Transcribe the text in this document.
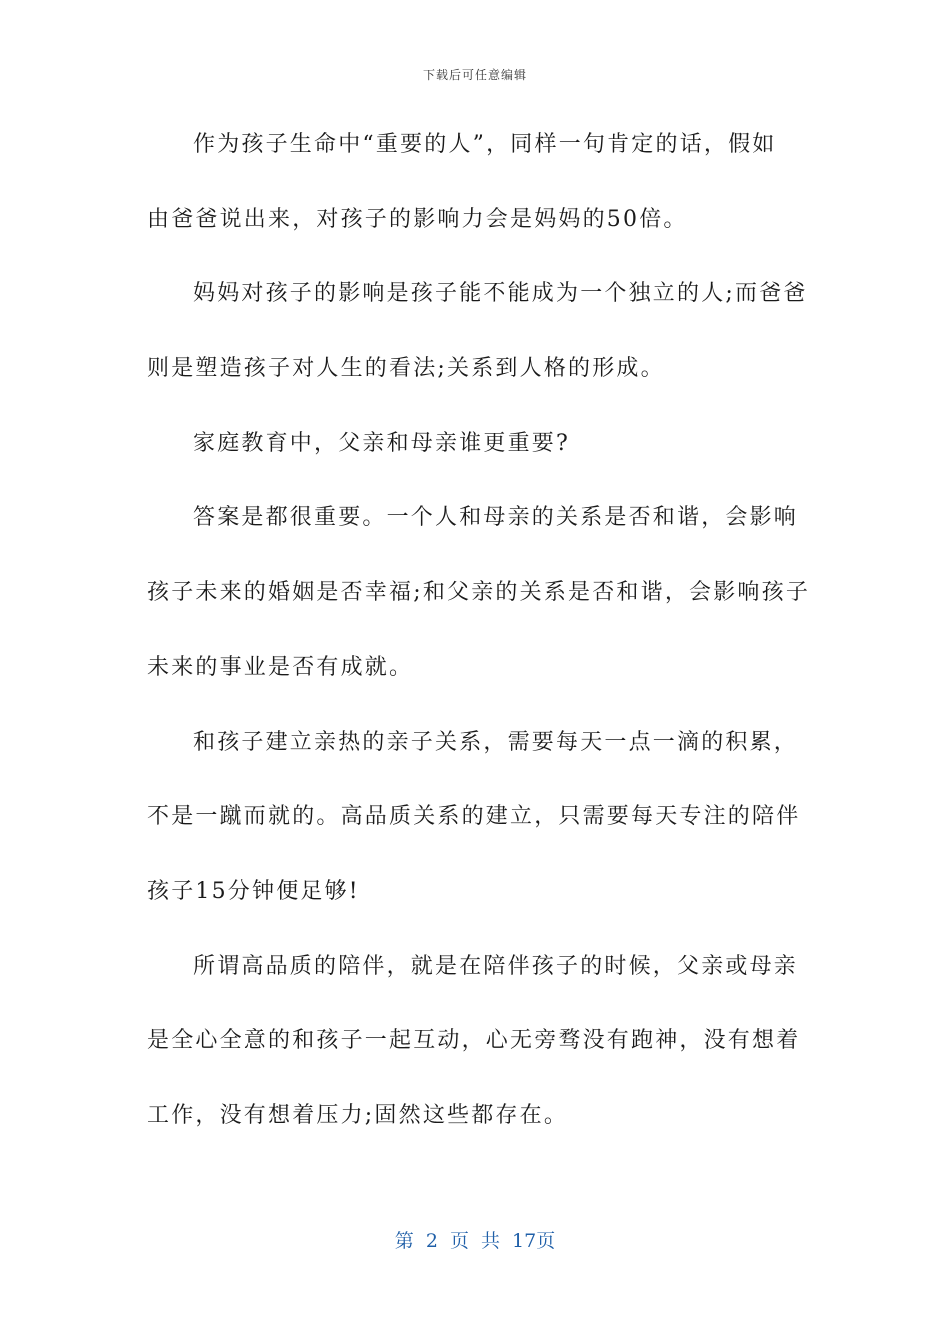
下载后可任意编辑
作为孩子生命中“重要的人”，同样一句肯定的话，假如
由爸爸说出来，对孩子的影响力会是妈妈的50倍。
妈妈对孩子的影响是孩子能不能成为一个独立的人;而爸爸
则是塑造孩子对人生的看法;关系到人格的形成。
家庭教育中，父亲和母亲谁更重要?
答案是都很重要。一个人和母亲的关系是否和谐，会影响
孩子未来的婚姻是否幸福;和父亲的关系是否和谐，会影响孩子
未来的事业是否有成就。
和孩子建立亲热的亲子关系，需要每天一点一滴的积累，
不是一蹴而就的。高品质关系的建立，只需要每天专注的陪伴
孩子15分钟便足够!
所谓高品质的陪伴，就是在陪伴孩子的时候，父亲或母亲
是全心全意的和孩子一起互动，心无旁骛没有跑神，没有想着
工作，没有想着压力;固然这些都存在。
第 2 页 共 17页
